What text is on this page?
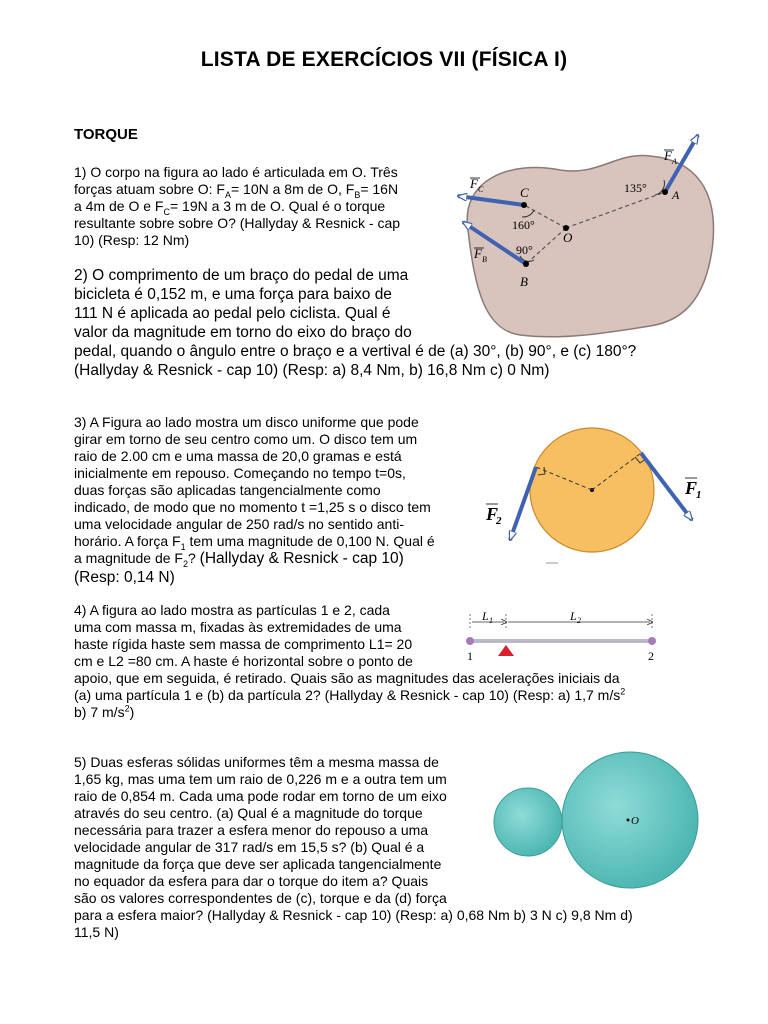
LISTA DE EXERCÍCIOS VII (FÍSICA I)
TORQUE
1) O corpo na figura ao lado é articulada em O. Três
forças atuam sobre O: $F_A= 10N$ a 8m de O, $F_B= 16N$
a 4m de O e $F_C= 19N$ a 3 m de O. Qual é o torque
resultante sobre sobre O? (Hallyday & Resnick - cap
10) (Resp: 12 Nm)
A
C
B
O
135°
160°
90°
F A
F C
F B
2) O comprimento de um braço do pedal de uma
bicicleta é 0,152 m, e uma força para baixo de
111 N é aplicada ao pedal pelo ciclista. Qual é
valor da magnitude em torno do eixo do braço do
pedal, quando o ângulo entre o braço e a vertival é de (a) 30°, (b) 90°, e (c) 180°?
(Hallyday & Resnick - cap 10) (Resp: a) 8,4 Nm, b) 16,8 Nm c) 0 Nm)
3) A Figura ao lado mostra um disco uniforme que pode
girar em torno de seu centro como um. O disco tem um
raio de 2.00 cm e uma massa de 20,0 gramas e está
inicialmente em repouso. Começando no tempo t=0s,
duas forças são aplicadas tangencialmente como
indicado, de modo que no momento t =1,25 s o disco tem
uma velocidade angular de 250 rad/s no sentido anti-
horário. A força $F_1$ tem uma magnitude de 0,100 N. Qual é
a magnitude de $F_2$? (Hallyday & Resnick - cap 10)
(Resp: 0,14 N)
F
1
F
2
4) A figura ao lado mostra as partículas 1 e 2, cada
uma com massa m, fixadas às extremidades de uma
haste rígida haste sem massa de comprimento L1= 20
cm e L2 =80 cm. A haste é horizontal sobre o ponto de
apoio, que em seguida, é retirado. Quais são as magnitudes das acelerações iniciais da
(a) uma partícula 1 e (b) da partícula 2? (Hallyday & Resnick - cap 10) (Resp: a) 1,7 $m/s^2$
b) 7 $m/s^2$)
L 1	L 2
1	2
5) Duas esferas sólidas uniformes têm a mesma massa de
1,65 kg, mas uma tem um raio de 0,226 m e a outra tem um
raio de 0,854 m. Cada uma pode rodar em torno de um eixo
através do seu centro. (a) Qual é a magnitude do torque
necessária para trazer a esfera menor do repouso a uma
velocidade angular de 317 rad/s em 15,5 s? (b) Qual é a
magnitude da força que deve ser aplicada tangencialmente
no equador da esfera para dar o torque do item a? Quais
são os valores correspondentes de (c), torque e da (d) força
para a esfera maior? (Hallyday & Resnick - cap 10) (Resp: a) 0,68 Nm b) 3 N c) 9,8 Nm d)
11,5 N)
O
